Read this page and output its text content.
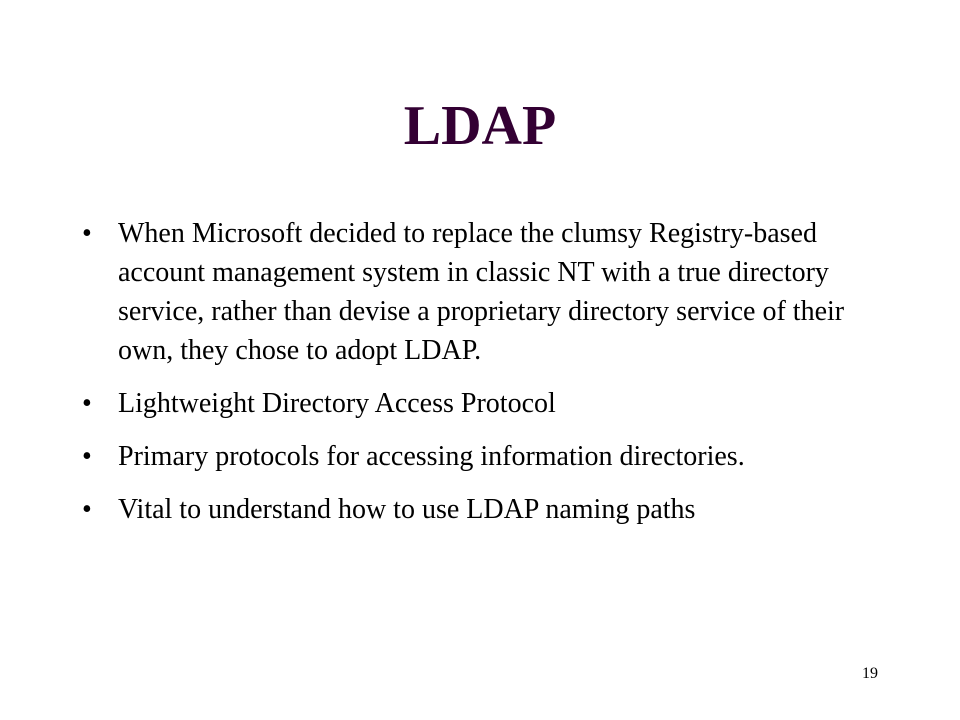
LDAP
• When Microsoft decided to replace the clumsy Registry-based account management system in classic NT with a true directory service, rather than devise a proprietary directory service of their own, they chose to adopt LDAP.
• Lightweight Directory Access Protocol
• Primary protocols for accessing information directories.
• Vital to understand how to use LDAP naming paths
19
